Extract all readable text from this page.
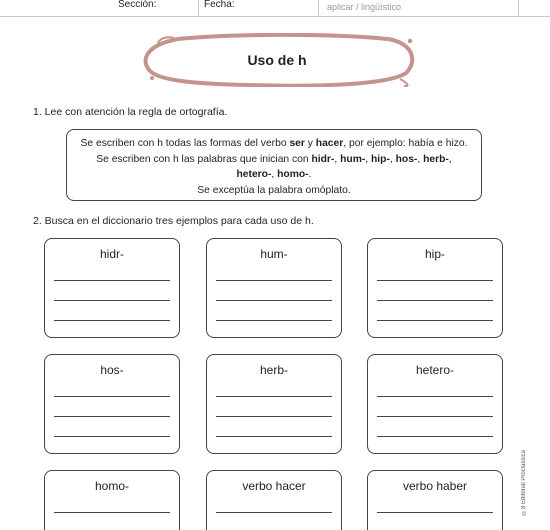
Sección:	Fecha:	aplicar / lingüístico
Uso de h
1. Lee con atención la regla de ortografía.
Se escriben con h todas las formas del verbo ser y hacer, por ejemplo: había e hizo.
Se escriben con h las palabras que inician con hidr-, hum-, hip-, hos-, herb-,
hetero-, homo-.
Se exceptúa la palabra omóplato.
2. Busca en el diccionario tres ejemplos para cada uso de h.
hidr-	hum-	hip-
hos-	herb-	hetero-
homo-	verbo hacer	verbo haber	©8 Editorial Proclassica
